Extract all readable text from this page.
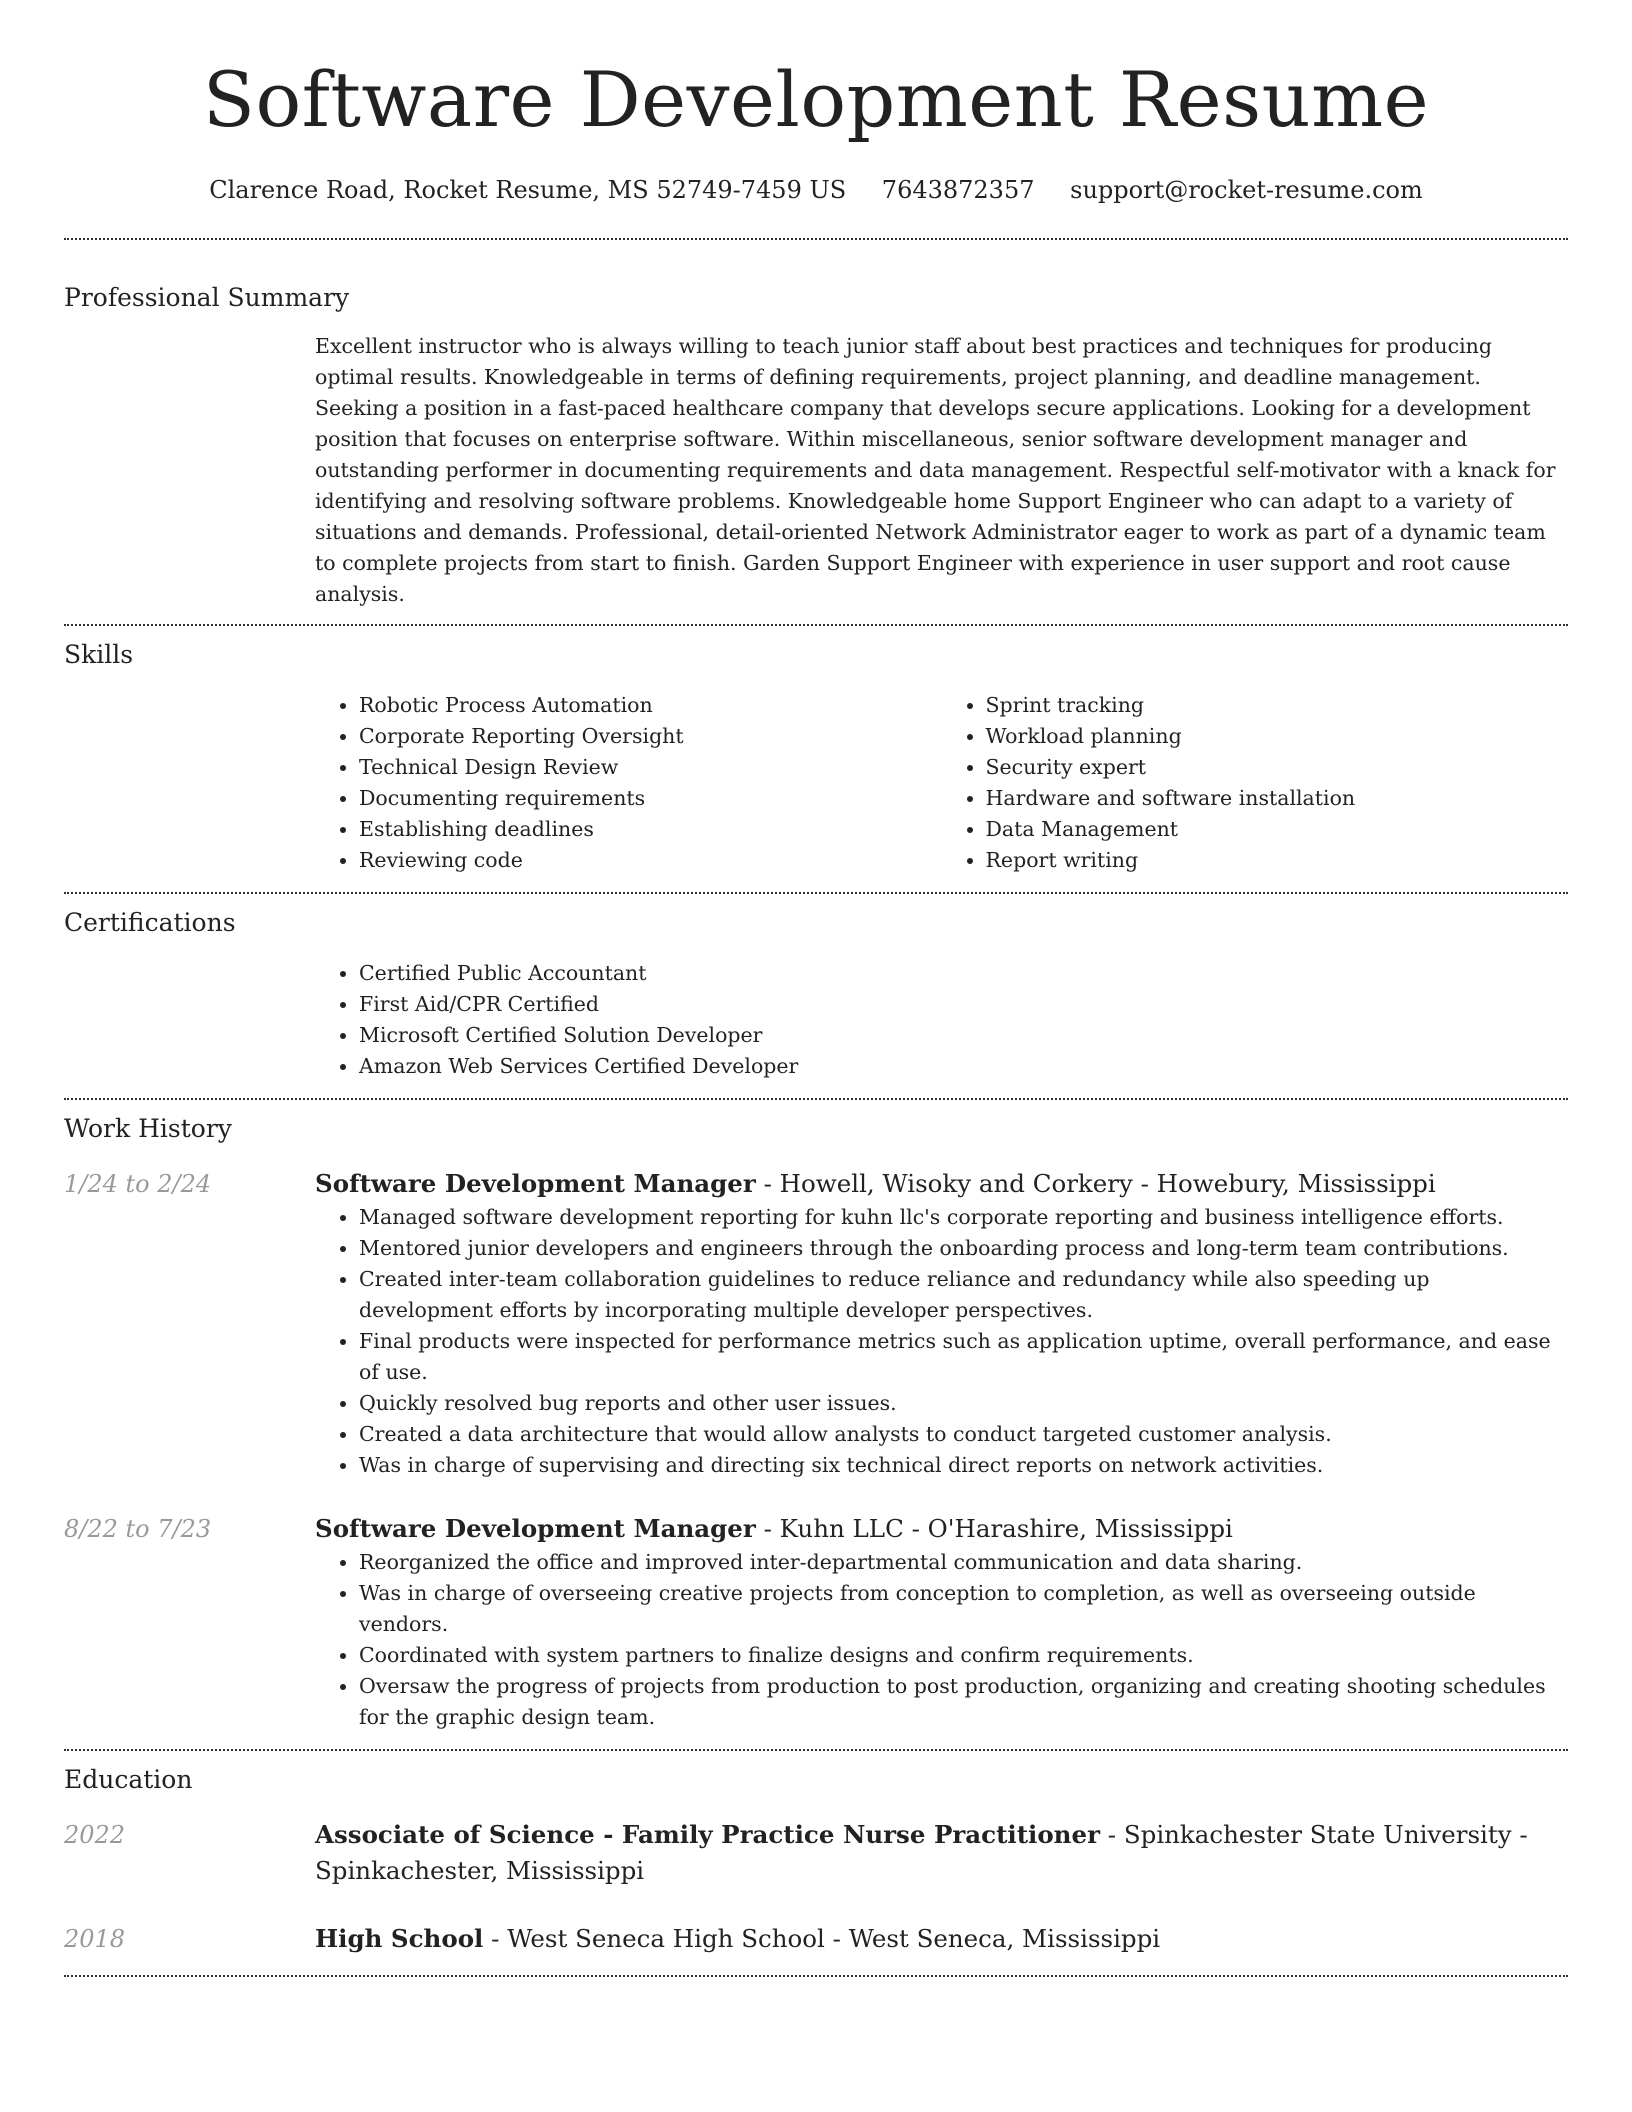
Software Development Resume
Clarence Road, Rocket Resume, MS 52749-7459 US 7643872357 support@rocket-resume.com
Professional Summary
Excellent instructor who is always willing to teach junior staff about best practices and techniques for producing optimal results. Knowledgeable in terms of defining requirements, project planning, and deadline management. Seeking a position in a fast-paced healthcare company that develops secure applications. Looking for a development position that focuses on enterprise software. Within miscellaneous, senior software development manager and outstanding performer in documenting requirements and data management. Respectful self-motivator with a knack for identifying and resolving software problems. Knowledgeable home Support Engineer who can adapt to a variety of situations and demands. Professional, detail-oriented Network Administrator eager to work as part of a dynamic team to complete projects from start to finish. Garden Support Engineer with experience in user support and root cause analysis.
Skills
• Robotic Process Automation
• Corporate Reporting Oversight
• Technical Design Review
• Documenting requirements
• Establishing deadlines
• Reviewing code
• Sprint tracking
• Workload planning
• Security expert
• Hardware and software installation
• Data Management
• Report writing
Certifications
• Certified Public Accountant
• First Aid/CPR Certified
• Microsoft Certified Solution Developer
• Amazon Web Services Certified Developer
Work History
1/24 to 2/24	Software Development Manager - Howell, Wisoky and Corkery - Howebury, Mississippi
• Managed software development reporting for kuhn llc's corporate reporting and business intelligence efforts.
• Mentored junior developers and engineers through the onboarding process and long-term team contributions.
• Created inter-team collaboration guidelines to reduce reliance and redundancy while also speeding up development efforts by incorporating multiple developer perspectives.
• Final products were inspected for performance metrics such as application uptime, overall performance, and ease of use.
• Quickly resolved bug reports and other user issues.
• Created a data architecture that would allow analysts to conduct targeted customer analysis.
• Was in charge of supervising and directing six technical direct reports on network activities.
8/22 to 7/23	Software Development Manager - Kuhn LLC - O'Harashire, Mississippi
• Reorganized the office and improved inter-departmental communication and data sharing.
• Was in charge of overseeing creative projects from conception to completion, as well as overseeing outside vendors.
• Coordinated with system partners to finalize designs and confirm requirements.
• Oversaw the progress of projects from production to post production, organizing and creating shooting schedules for the graphic design team.
Education
2022	Associate of Science - Family Practice Nurse Practitioner - Spinkachester State University - Spinkachester, Mississippi
2018	High School - West Seneca High School - West Seneca, Mississippi
